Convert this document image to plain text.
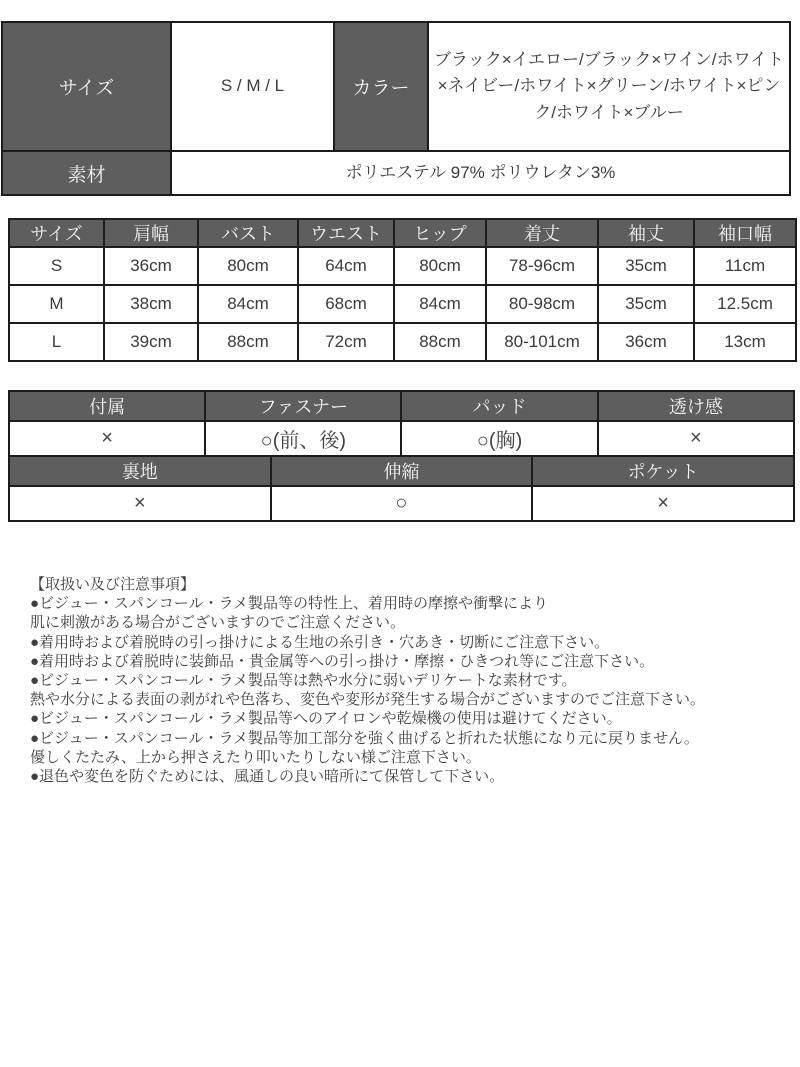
サイズ	S / M / L	カラー	ブラック×イエロー/ブラック×ワイン/ホワイト×ネイビー/ホワイト×グリーン/ホワイト×ピンク/ホワイト×ブルー
素材	ポリエステル 97% ポリウレタン3%		
サイズ	肩幅	バスト	ウエスト	ヒップ	着丈	袖丈	袖口幅
S	36cm	80cm	64cm	80cm	78-96cm	35cm	11cm
M	38cm	84cm	68cm	84cm	80-98cm	35cm	12.5cm
L	39cm	88cm	72cm	88cm	80-101cm	36cm	13cm
付属	ファスナー		パッド		透け感
×	○(前、後)		○(胸)		×
裏地		伸縮		ポケット	
×		○		×	
【取扱い及び注意事項】
●ビジュー・スパンコール・ラメ製品等の特性上、着用時の摩擦や衝撃により
肌に刺激がある場合がございますのでご注意ください。
●着用時および着脱時の引っ掛けによる生地の糸引き・穴あき・切断にご注意下さい。
●着用時および着脱時に装飾品・貴金属等への引っ掛け・摩擦・ひきつれ等にご注意下さい。
●ビジュー・スパンコール・ラメ製品等は熱や水分に弱いデリケートな素材です。
熱や水分による表面の剥がれや色落ち、変色や変形が発生する場合がございますのでご注意下さい。
●ビジュー・スパンコール・ラメ製品等へのアイロンや乾燥機の使用は避けてください。
●ビジュー・スパンコール・ラメ製品等加工部分を強く曲げると折れた状態になり元に戻りません。
優しくたたみ、上から押さえたり叩いたりしない様ご注意下さい。
●退色や変色を防ぐためには、風通しの良い暗所にて保管して下さい。
